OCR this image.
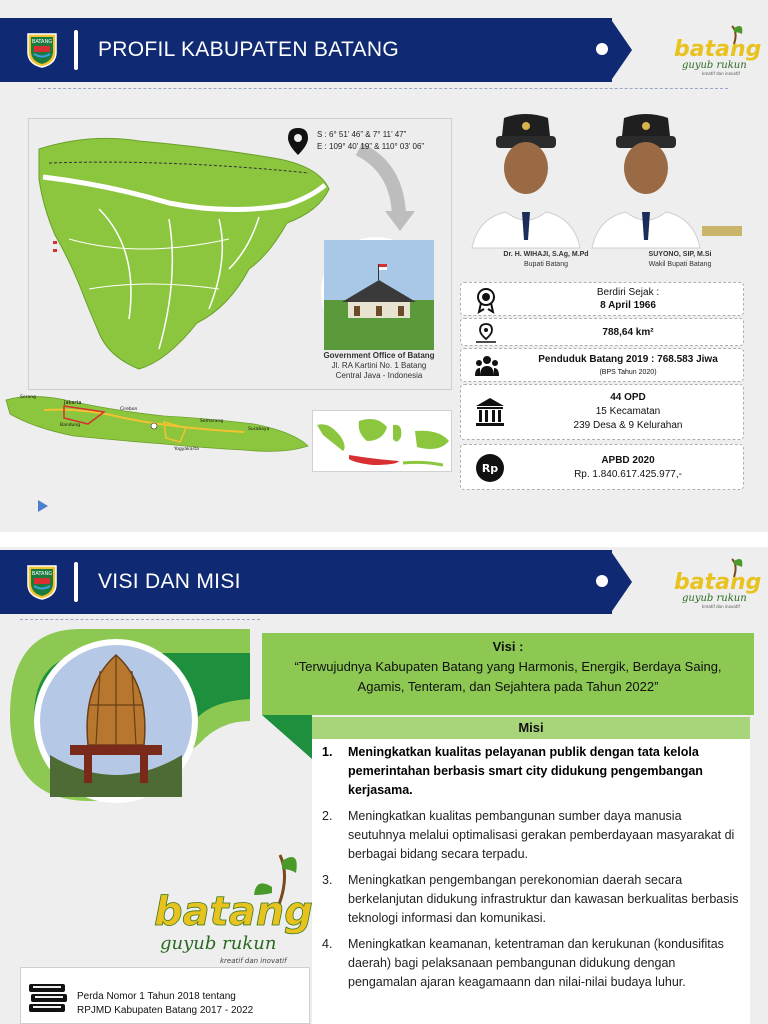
BATANG PROFIL KABUPATEN BATANG	batang
guyub rukun
kreatif dan inovatif
S : 6° 51’ 46” & 7° 11’ 47”
E : 109° 40’ 19” & 110° 03’ 06”
Government Office of Batang
Jl. RA Kartini No. 1 Batang
Central Java - Indonesia
Jakarta
Bandung
Cirebon
Semarang
Surabaya
Yogyakarta
Serang
Dr. H. WIHAJI, S.Ag, M.Pd
Bupati Batang
SUYONO, SIP, M.Si
Wakil Bupati Batang
Berdiri Sejak :
8 April 1966
788,64 km²
Penduduk Batang 2019 : 768.583 Jiwa
(BPS Tahun 2020)
44 OPD
15 Kecamatan
239 Desa & 9 Kelurahan
Rp
APBD 2020
Rp. 1.840.617.425.977,-
BATANG VISI DAN MISI	batang
guyub rukun
kreatif dan inovatif
Visi :
“Terwujudnya Kabupaten Batang yang Harmonis, Energik, Berdaya Saing, Agamis, Tenteram, dan Sejahtera pada Tahun 2022”
Misi
1. Meningkatkan kualitas pelayanan publik dengan tata kelola pemerintahan berbasis smart city didukung pengembangan kerjasama.
2. Meningkatkan kualitas pembangunan sumber daya manusia seutuhnya melalui optimalisasi gerakan pemberdayaan masyarakat di berbagai bidang secara terpadu.
3. Meningkatkan pengembangan perekonomian daerah secara berkelanjutan didukung infrastruktur dan kawasan berkualitas berbasis teknologi informasi dan komunikasi.
4. Meningkatkan keamanan, ketentraman dan kerukunan (kondusifitas daerah) bagi pelaksanaan pembangunan didukung dengan pengamalan ajaran keagamaann dan nilai-nilai budaya luhur.
batang
guyub rukun
kreatif dan inovatif
Perda Nomor 1 Tahun 2018 tentang
RPJMD Kabupaten Batang 2017 - 2022
